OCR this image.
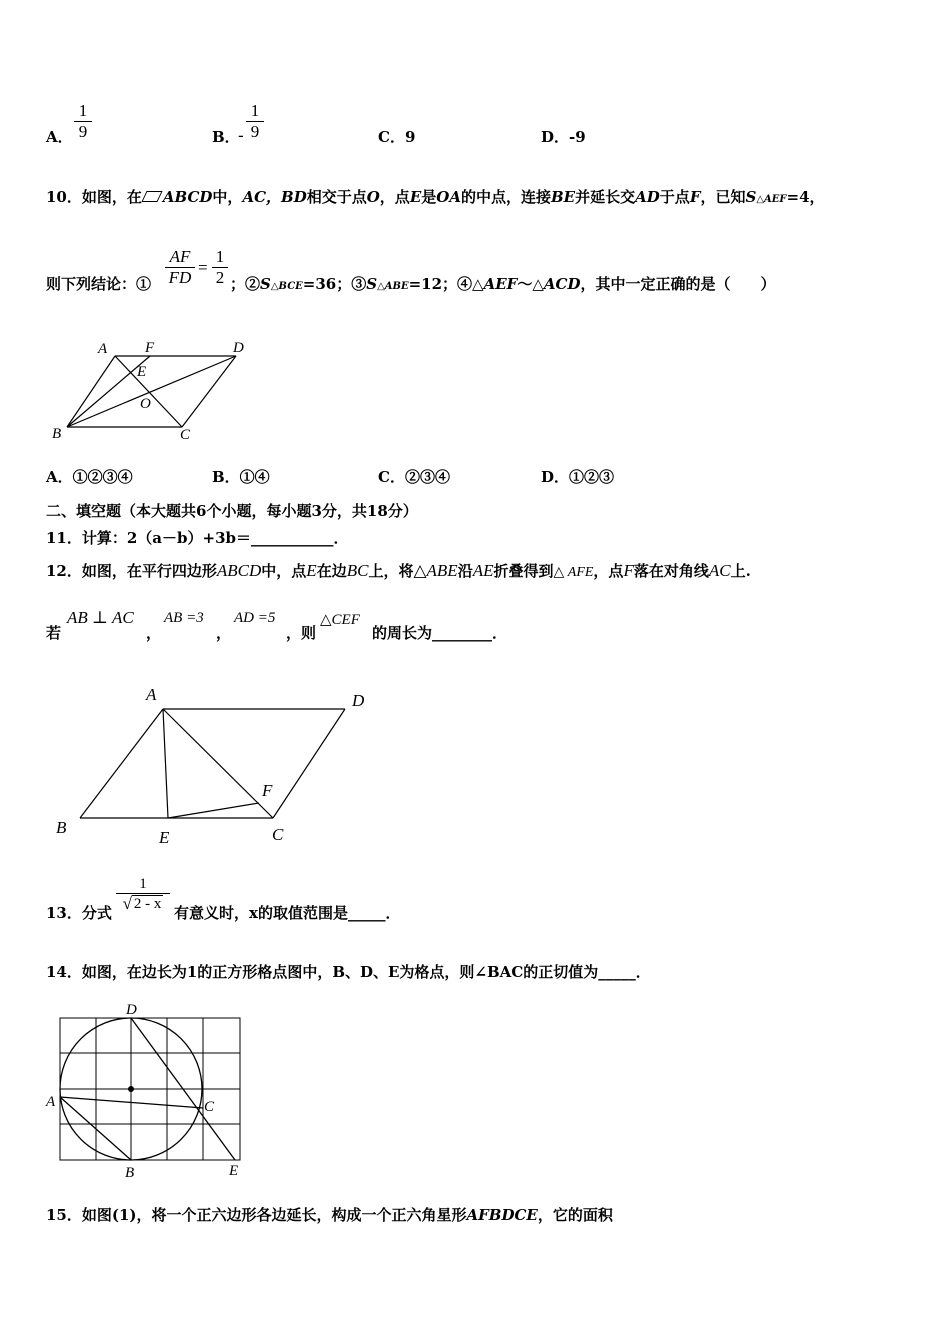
A． $\frac{1}{9}$	B．
- $\frac{1}{9}$	C．9	D．-9
10．如图，在 ABCD中，AC，BD相交于点O，点E是OA的中点，连接BE并延长交AD于点F，已知S△AEF=4，
则下列结论：① $\frac{AF}{FD} = \frac{1}{2}$ ；②S△BCE=36；③S△ABE=12；④△AEF～△ACD，其中一定正确的是（　　）
A	F	D
E
O
B	C
A．①②③④	B．①④	C．②③④	D．①②③
二、填空题（本大题共6个小题，每小题3分，共18分）
11．计算：2（a－b）+3b＝___________．
12．如图，在平行四边形ABCD中，点E在边BC上，将△ABE沿AE折叠得到△ AFE，点F落在对角线AC上.
若
AB ⊥ AC
，
AB =3
，
AD =5
，则
△CEF
的周长为________．
A	D
F
B
E	C
13．分式 $\frac{1}{√ 2 - x}$ 有意义时，x的取值范围是_____．
14．如图，在边长为1的正方形格点图中，B、D、E为格点，则∠BAC的正切值为_____．
D
A	C
B	E
15．如图(1)，将一个正六边形各边延长，构成一个正六角星形AFBDCE，它的面积
